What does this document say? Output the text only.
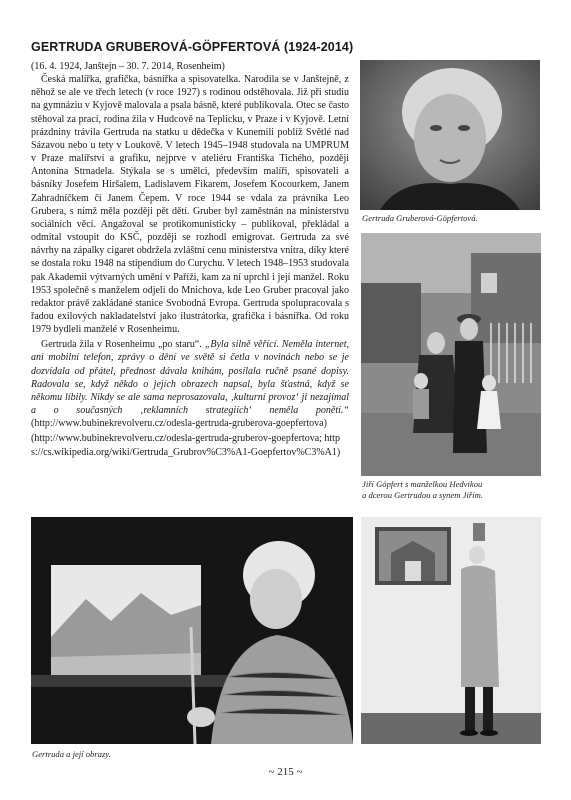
GERTRUDA GRUBEROVÁ-GÖPFERTOVÁ (1924-2014)

(16. 4. 1924, Janštejn – 30. 7. 2014, Rosenheim)

Česká malířka, grafička, básnířka a spisovatelka. Narodila se v Janštejně, z něhož se ale ve třech letech (v roce 1927) s rodinou odstěhovala. Již při studiu na gymnáziu v Kyjově malovala a psala básně, které publikovala. Otec se často stěhoval za prací, rodina žila v Hudcově na Teplicku, v Praze i v Kyjově. Letní prázdniny trávila Gertruda na statku u dědečka v Kunemili poblíž Světlé nad Sázavou nebo u tety v Loukově. V letech 1945–1948 studovala na UMPRUM v Praze malířství a grafiku, nejprve v ateliéru Františka Tichého, později Antonína Strnadela. Stýkala se s umělci, především malíři, spisovateli a básníky Josefem Hiršalem, Ladislavem Fikarem, Josefem Kocourkem, Janem Zahradníčkem či Janem Čepem. V roce 1944 se vdala za právníka Leo Grubera, s nímž měla později pět dětí. Gruber byl zaměstnán na ministerstvu sociálních věcí. Angažoval se protikomunisticky – publikoval, překládal a odmítal vstoupit do KSČ, později se rozhodl emigrovat. Gertruda za své návrhy na zápalky cigaret obdržela zvláštní cenu ministerstva vnitra, díky které se dostala roku 1948 na stipendium do Curychu. V letech 1948–1953 studovala pak Akademii výtvarných umění v Paříži, kam za ní uprchl i její manžel. Roku 1953 společně s manželem odjeli do Mnichova, kde Leo Gruber pracoval jako redaktor právě zakládané stanice Svobodná Evropa. Gertruda spolupracovala s řadou exilových nakladatelství jako ilustrátorka, grafička i básnířka. Od roku 1979 bydleli manželé v Rosenheimu.

Gertruda žila v Rosenheimu „po staru“. „Byla silně věřící. Neměla internet, ani mobilní telefon, zprávy o dění ve světě si četla v novinách nebo se je dozvídala od přátel, přednost dávala knihám, posílala ručně psané dopisy. Radovala se, když někdo o jejích obrazech napsal, byla šťastná, když se někomu líbily. Nikdy se ale sama neprosazovala, ‚kulturní provoz‘ ji nezajímal a o současných ‚reklamních strategiích‘ neměla ponětí.“ (http://www.bubinekrevolveru.cz/odesla-gertruda-gruberova-goepfertova)

(http://www.bubinekrevolveru.cz/odesla-gertruda-gruberov-goepfertova; https://cs.wikipedia.org/wiki/Gertruda_Grubrov%C3%A1-Goepfertov%C3%A1)

Gertruda Gruberová-Göpfertová.
Jiří Göpfert s manželkou Hedvikou
a dcerou Gertrudou a synem Jiřím.
Gertruda a její obrazy.
~ 215 ~
